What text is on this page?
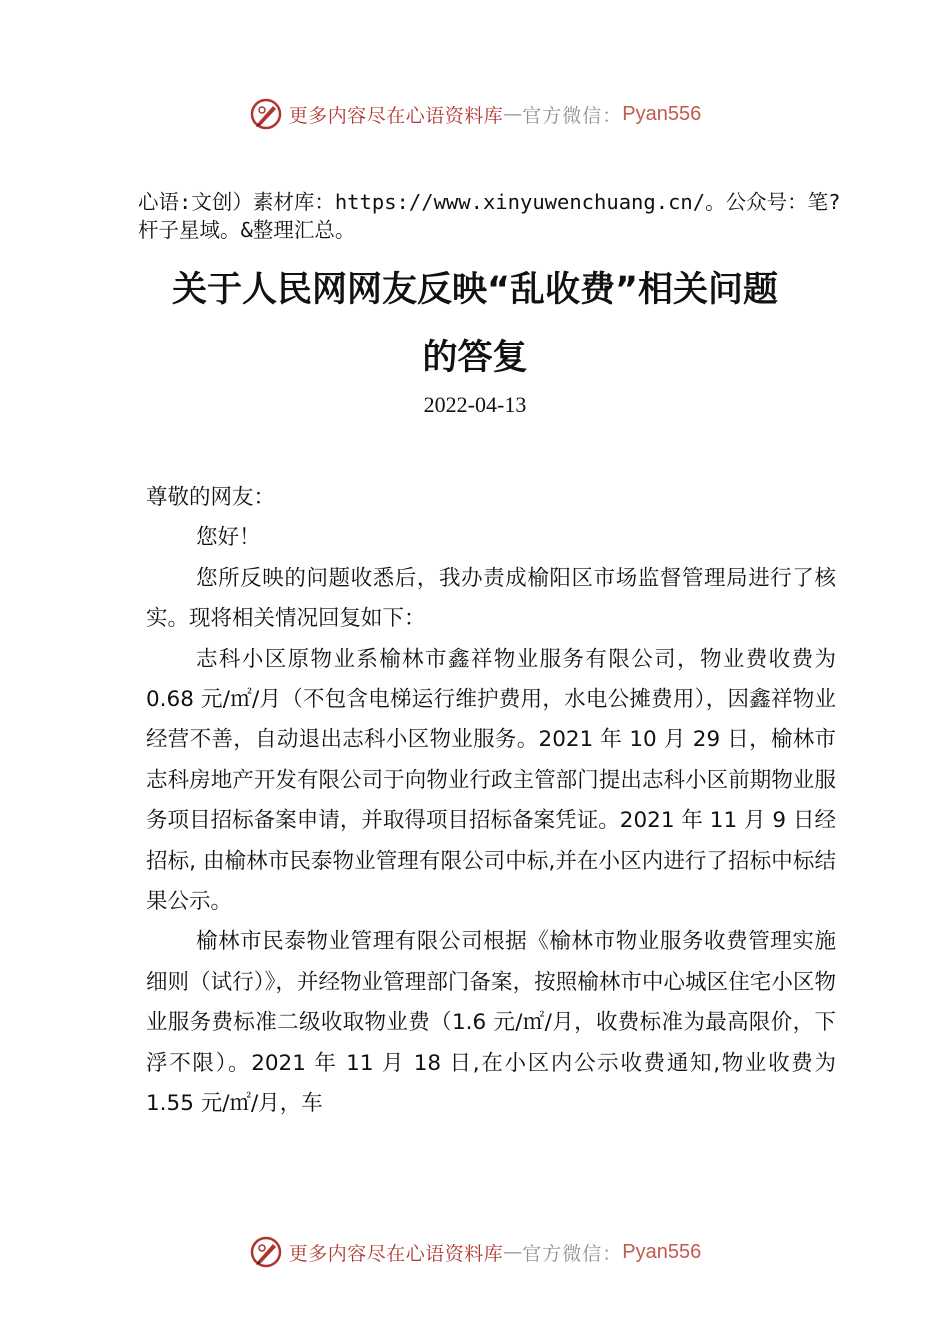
更多内容尽在心语资料库 — 官方微信： Pyan556
心语:文创）素材库：https://www.xinyuwenchuang.cn/。公众号：笔?杆子星域。&整理汇总。
关于人民网网友反映“乱收费”相关问题
的答复
2022-04-13

尊敬的网友：

您好！

您所反映的问题收悉后，我办责成榆阳区市场监督管理局进行了核实。现将相关情况回复如下：

志科小区原物业系榆林市鑫祥物业服务有限公司，物业费收费为 0.68 元/㎡/月（不包含电梯运行维护费用，水电公摊费用），因鑫祥物业经营不善，自动退出志科小区物业服务。2021 年 10 月 29 日，榆林市志科房地产开发有限公司于向物业行政主管部门提出志科小区前期物业服务项目招标备案申请，并取得项目招标备案凭证。2021 年 11 月 9 日经招标, 由榆林市民泰物业管理有限公司中标,并在小区内进行了招标中标结果公示。

榆林市民泰物业管理有限公司根据《榆林市物业服务收费管理实施细则（试行）》，并经物业管理部门备案，按照榆林市中心城区住宅小区物业服务费标准二级收取物业费（1.6 元/㎡/月，收费标准为最高限价，下浮不限）。2021 年 11 月 18 日,在小区内公示收费通知,物业收费为 1.55 元/㎡/月，车

更多内容尽在心语资料库 — 官方微信： Pyan556
